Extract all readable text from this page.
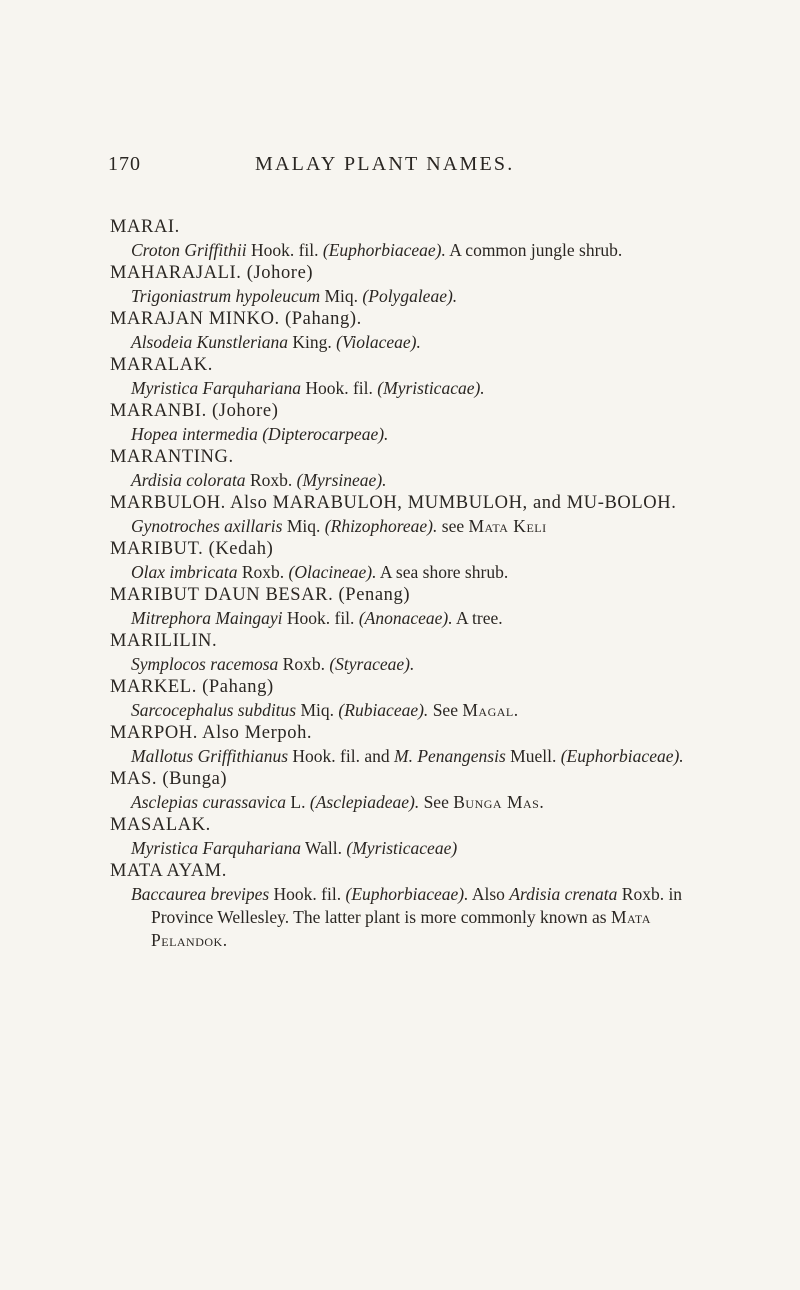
170	MALAY PLANT NAMES.
MARAI.
Croton Griffithii Hook. fil. (Euphorbiaceae). A common jungle shrub.
MAHARAJALI. (Johore)
Trigoniastrum hypoleucum Miq. (Polygaleae).
MARAJAN MINKO. (Pahang).
Alsodeia Kunstleriana King. (Violaceae).
MARALAK.
Myristica Farquhariana Hook. fil. (Myristicacae).
MARANBI. (Johore)
Hopea intermedia (Dipterocarpeae).
MARANTING.
Ardisia colorata Roxb. (Myrsineae).
MARBULOH. Also MARABULOH, MUMBULOH, and MU-BOLOH.
Gynotroches axillaris Miq. (Rhizophoreae). see Mata Keli
MARIBUT. (Kedah)
Olax imbricata Roxb. (Olacineae). A sea shore shrub.
MARIBUT DAUN BESAR. (Penang)
Mitrephora Maingayi Hook. fil. (Anonaceae). A tree.
MARILILIN.
Symplocos racemosa Roxb. (Styraceae).
MARKEL. (Pahang)
Sarcocephalus subditus Miq. (Rubiaceae). See Magal.
MARPOH. Also Merpoh.
Mallotus Griffithianus Hook. fil. and M. Penangensis Muell. (Euphorbiaceae).
MAS. (Bunga)
Asclepias curassavica L. (Asclepiadeae). See Bunga Mas.
MASALAK.
Myristica Farquhariana Wall. (Myristicaceae)
MATA AYAM.
Baccaurea brevipes Hook. fil. (Euphorbiaceae). Also Ardisia crenata Roxb. in Province Wellesley. The latter plant is more commonly known as Mata Pelandok.
